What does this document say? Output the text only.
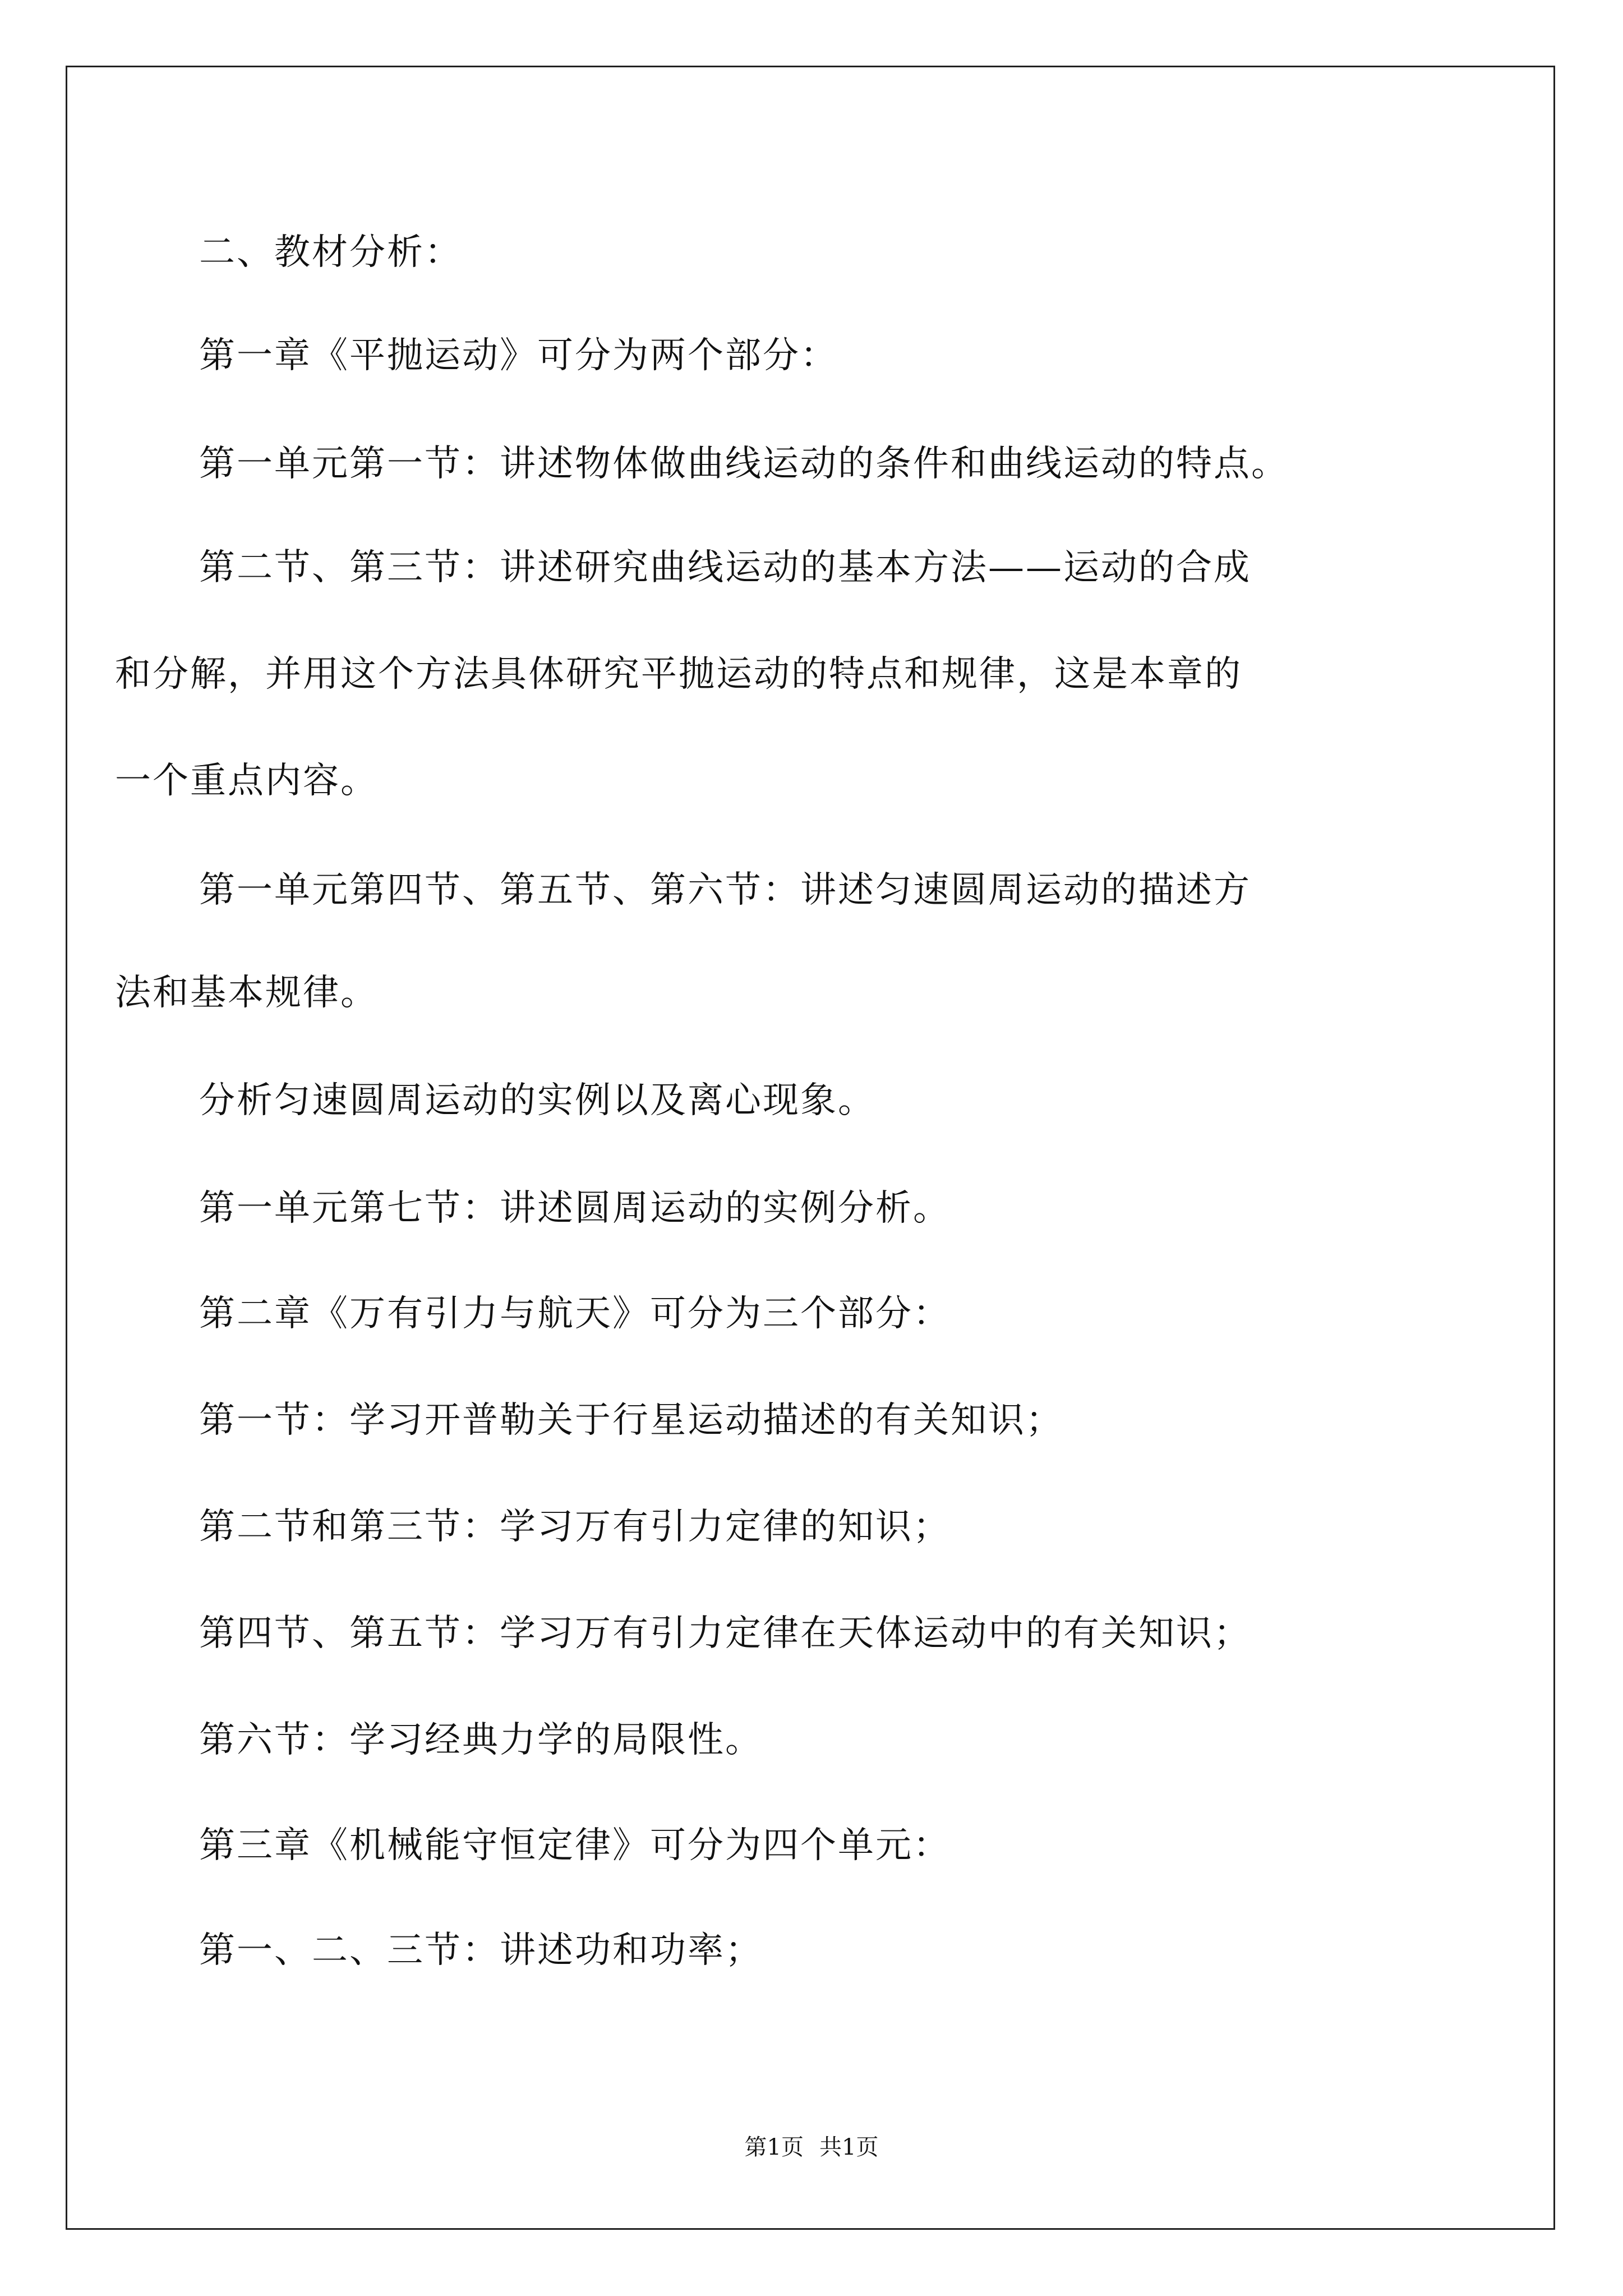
二、教材分析：
第一章《平抛运动》可分为两个部分：
第一单元第一节：讲述物体做曲线运动的条件和曲线运动的特点。
第二节、第三节：讲述研究曲线运动的基本方法——运动的合成
和分解，并用这个方法具体研究平抛运动的特点和规律，这是本章的
一个重点内容。
第一单元第四节、第五节、第六节：讲述匀速圆周运动的描述方
法和基本规律。
分析匀速圆周运动的实例以及离心现象。
第一单元第七节：讲述圆周运动的实例分析。
第二章《万有引力与航天》可分为三个部分：
第一节：学习开普勒关于行星运动描述的有关知识；
第二节和第三节：学习万有引力定律的知识；
第四节、第五节：学习万有引力定律在天体运动中的有关知识；
第六节：学习经典力学的局限性。
第三章《机械能守恒定律》可分为四个单元：
第一、二、三节：讲述功和功率；
第1页 共1页
